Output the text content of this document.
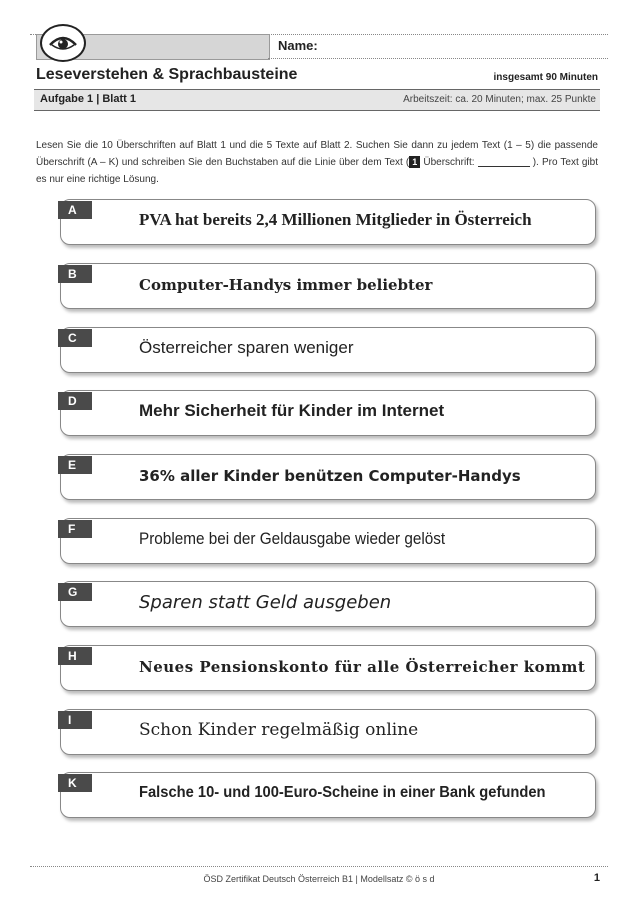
Name:
Leseverstehen & Sprachbausteine	insgesamt 90 Minuten
Aufgabe 1 | Blatt 1	Arbeitszeit: ca. 20 Minuten; max. 25 Punkte
Lesen Sie die 10 Überschriften auf Blatt 1 und die 5 Texte auf Blatt 2. Suchen Sie dann zu jedem Text (1 – 5) die passende Überschrift (A – K) und schreiben Sie den Buchstaben auf die Linie über dem Text ( 1 Überschrift:	). Pro Text gibt es nur eine richtige Lösung.
PVA hat bereits 2,4 Millionen Mitglieder in Österreich
A
Computer-Handys immer beliebter
B
Österreicher sparen weniger
C
Mehr Sicherheit für Kinder im Internet
D
36% aller Kinder benützen Computer-Handys
E
Probleme bei der Geldausgabe wieder gelöst
F
Sparen statt Geld ausgeben
G
Neues Pensionskonto für alle Österreicher kommt
H
Schon Kinder regelmäßig online
I
Falsche 10- und 100-Euro-Scheine in einer Bank gefunden
K
ÖSD Zertifikat Deutsch Österreich B1 | Modellsatz © ö s d	1
